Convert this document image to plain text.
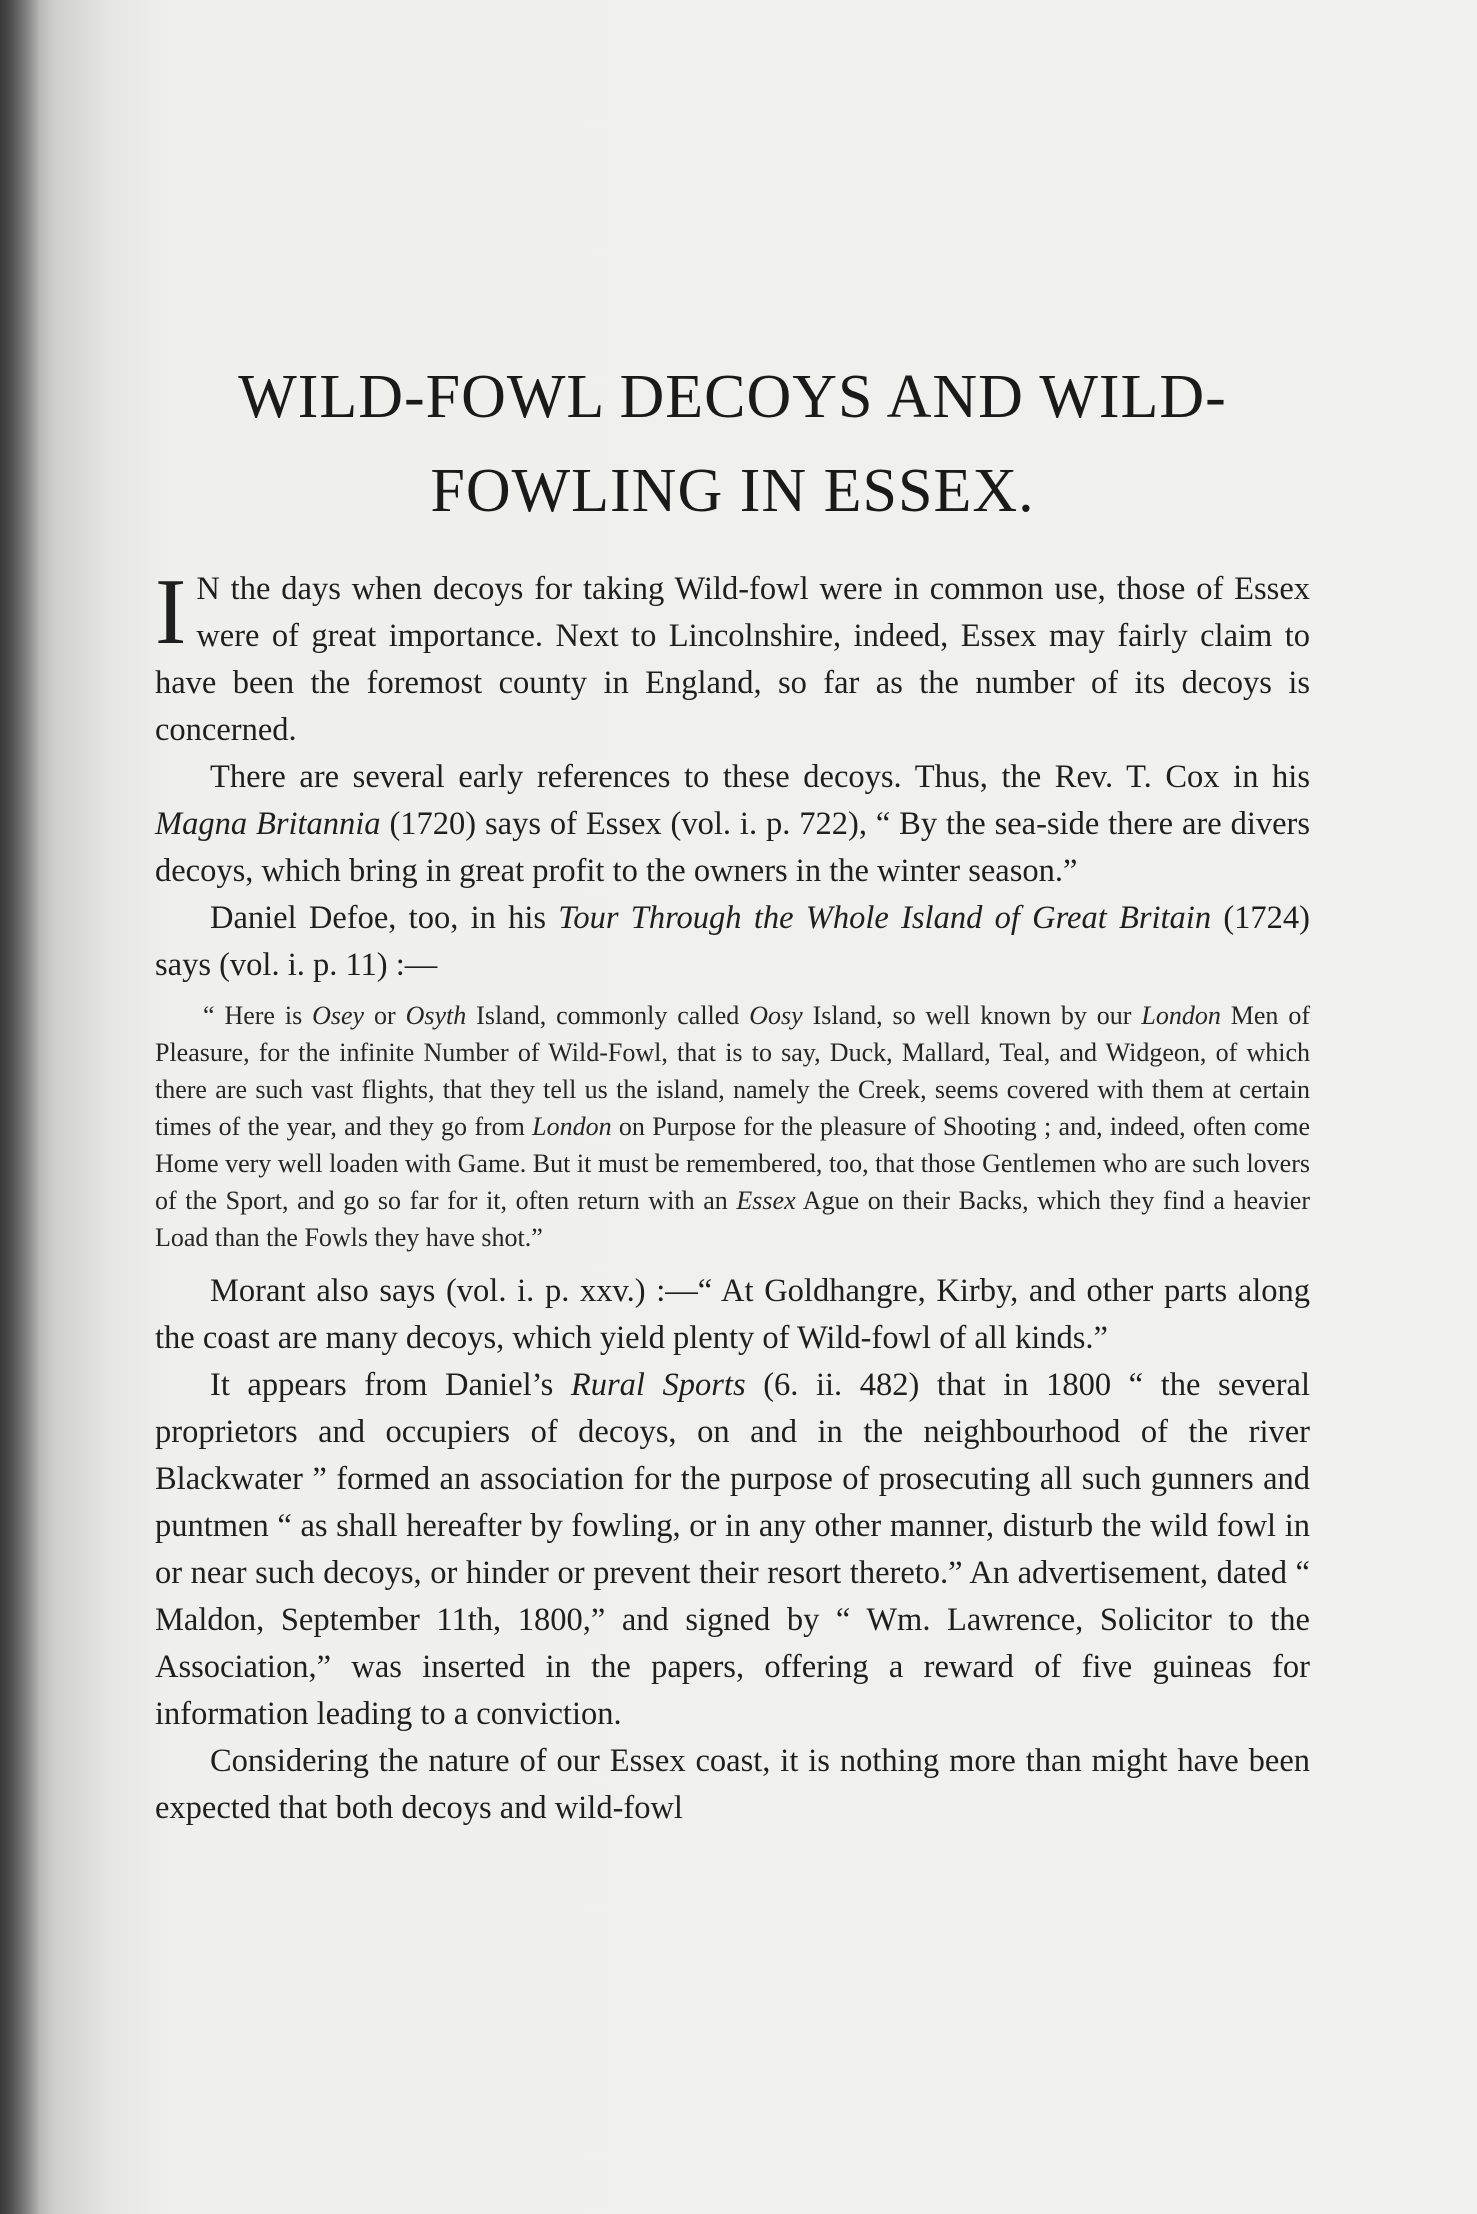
WILD-FOWL DECOYS AND WILD-
FOWLING IN ESSEX.

I N the days when decoys for taking Wild-fowl were in common use, those of Essex were of great importance. Next to Lincolnshire, indeed, Essex may fairly claim to have been the foremost county in England, so far as the number of its decoys is concerned.

There are several early references to these decoys. Thus, the Rev. T. Cox in his Magna Britannia (1720) says of Essex (vol. i. p. 722), “ By the sea-side there are divers decoys, which bring in great profit to the owners in the winter season.”

Daniel Defoe, too, in his Tour Through the Whole Island of Great Britain (1724) says (vol. i. p. 11) :—

“ Here is Osey or Osyth Island, commonly called Oosy Island, so well known by our London Men of Pleasure, for the infinite Number of Wild-Fowl, that is to say, Duck, Mallard, Teal, and Widgeon, of which there are such vast flights, that they tell us the island, namely the Creek, seems covered with them at certain times of the year, and they go from London on Purpose for the pleasure of Shooting ; and, indeed, often come Home very well loaden with Game. But it must be remembered, too, that those Gentlemen who are such lovers of the Sport, and go so far for it, often return with an Essex Ague on their Backs, which they find a heavier Load than the Fowls they have shot.”

Morant also says (vol. i. p. xxv.) :—“ At Goldhangre, Kirby, and other parts along the coast are many decoys, which yield plenty of Wild-fowl of all kinds.”

It appears from Daniel’s Rural Sports (6. ii. 482) that in 1800 “ the several proprietors and occupiers of decoys, on and in the neighbourhood of the river Blackwater ” formed an association for the purpose of prosecuting all such gunners and puntmen “ as shall hereafter by fowling, or in any other manner, disturb the wild fowl in or near such decoys, or hinder or prevent their resort thereto.” An advertisement, dated “ Maldon, September 11th, 1800,” and signed by “ Wm. Lawrence, Solicitor to the Association,” was inserted in the papers, offering a reward of five guineas for information leading to a conviction.

Considering the nature of our Essex coast, it is nothing more than might have been expected that both decoys and wild-fowl
